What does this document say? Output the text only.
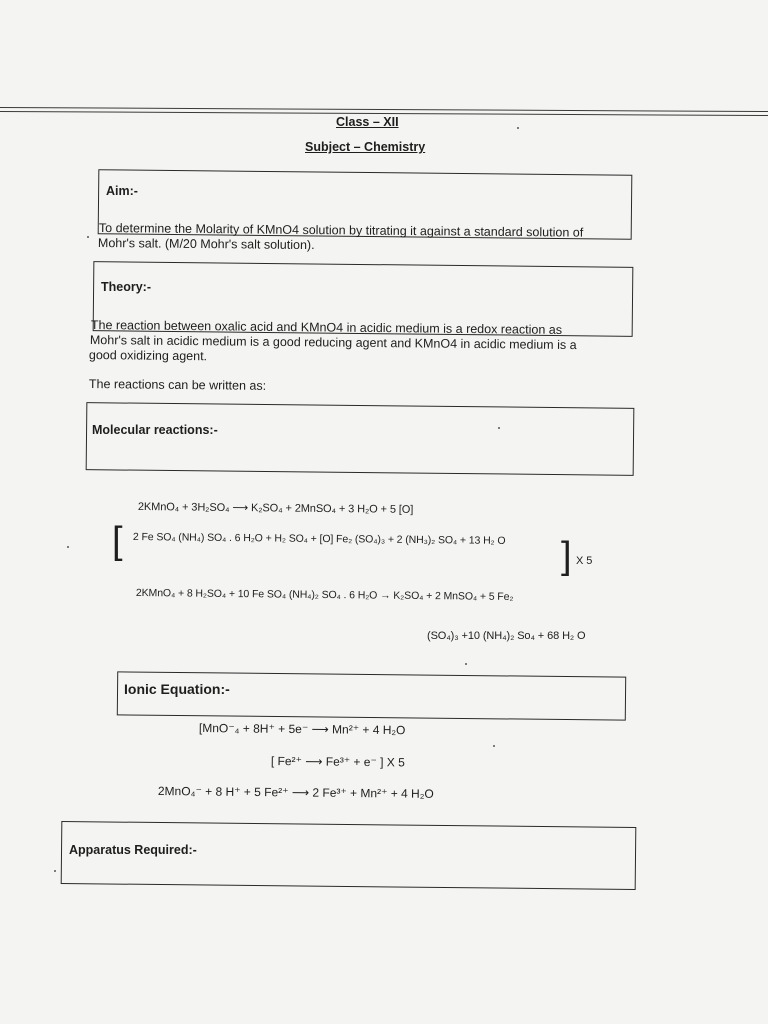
Class – XII
Subject – Chemistry
Aim:-
To determine the Molarity of KMnO4 solution by titrating it against a standard solution of
Mohr's salt. (M/20 Mohr's salt solution).
Theory:-
The reaction between oxalic acid and KMnO4 in acidic medium is a redox reaction as
Mohr's salt in acidic medium is a good reducing agent and KMnO4 in acidic medium is a
good oxidizing agent.
The reactions can be written as:
Molecular reactions:-
2KMnO₄ + 3H₂SO₄ ⟶ K₂SO₄ + 2MnSO₄ + 3 H₂O + 5 [O]
[ 2 Fe SO₄ (NH₄) SO₄ . 6 H₂O + H₂ SO₄ + [O] Fe₂ (SO₄)₃ + 2 (NH₃)₂ SO₄ + 13 H₂ O ] X 5
2KMnO₄ + 8 H₂SO₄ + 10 Fe SO₄ (NH₄)₂ SO₄ . 6 H₂O → K₂SO₄ + 2 MnSO₄ + 5 Fe₂
(SO₄)₃ +10 (NH₄)₂ So₄ + 68 H₂ O
Ionic Equation:-
[MnO⁻₄ + 8H⁺ + 5e⁻ ⟶ Mn²⁺ + 4 H₂O
[ Fe²⁺ ⟶ Fe³⁺ + e⁻ ] X 5
2MnO₄⁻ + 8 H⁺ + 5 Fe²⁺ ⟶ 2 Fe³⁺ + Mn²⁺ + 4 H₂O
Apparatus Required:-
